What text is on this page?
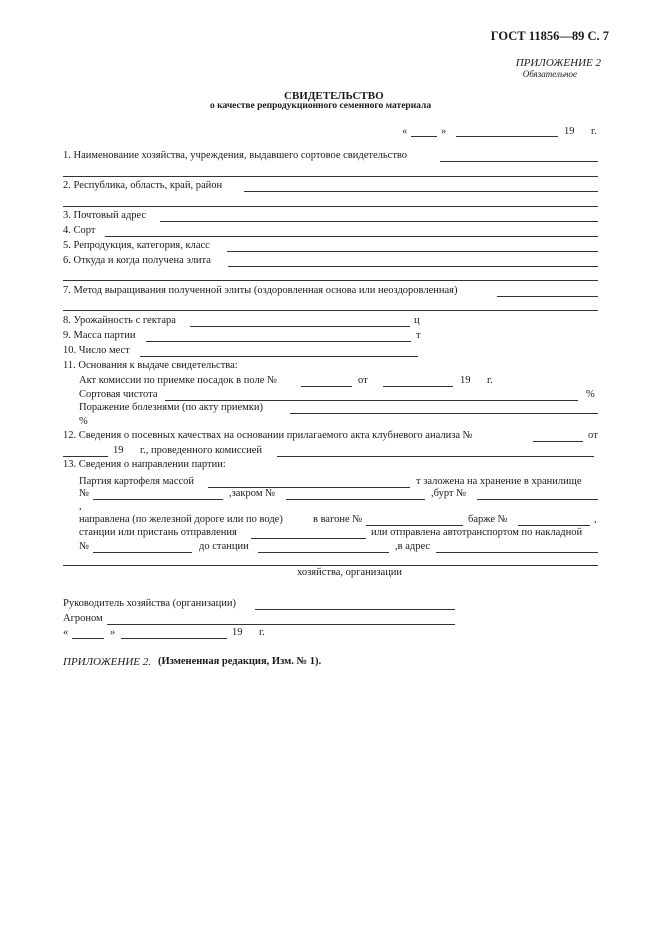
ГОСТ 11856—89 С. 7
ПРИЛОЖЕНИЕ 2
Обязательное
СВИДЕТЕЛЬСТВО
о качестве репродукционного семенного материала
«	»	19 г.
1. Наименование хозяйства, учреждения, выдавшего сортовое свидетельство
2. Республика, область, край, район
3. Почтовый адрес
4. Сорт
5. Репродукция, категория, класс
6. Откуда и когда получена элита
7. Метод выращивания полученной элиты (оздоровленная основа или неоздоровленная)
8. Урожайность с гектара	ц
9. Масса партии	т
10. Число мест
11. Основания к выдаче свидетельства:
Акт комиссии по приемке посадок в поле №	от	19 г.
Сортовая чистота	%
Поражение болезнями (по акту приемки)
%
12. Сведения о посевных качествах на основании прилагаемого акта клубневого анализа №	от
19 г., проведенного комиссией
13. Сведения о направлении партии:
Партия картофеля массой	т заложена на хранение в хранилище
№	,закром №	,бурт №
,
направлена (по железной дороге или по воде)	в вагоне №	барже №	,
станции или пристань отправления	или отправлена автотранспортом по накладной
№	до станции	,в адрес
хозяйства, организации
Руководитель хозяйства (организации)
Агроном
«	»	19 г.
ПРИЛОЖЕНИЕ 2. (Измененная редакция, Изм. № 1).
